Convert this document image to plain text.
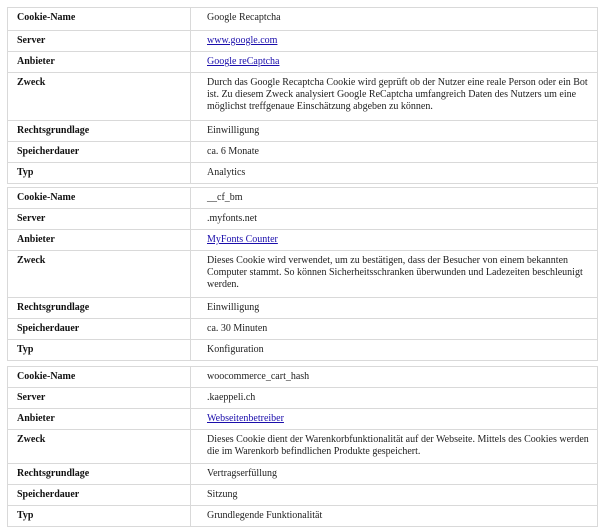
Cookie-Name	Google Recaptcha
Server	www.google.com
Anbieter	Google reCaptcha
Zweck	Durch das Google Recaptcha Cookie wird geprüft ob der Nutzer eine reale Person oder ein Bot ist. Zu diesem Zweck analysiert Google ReCaptcha umfangreich Daten des Nutzers um eine möglichst treffgenaue Einschätzung abgeben zu können.
Rechtsgrundlage	Einwilligung
Speicherdauer	ca. 6 Monate
Typ	Analytics
Cookie-Name	__cf_bm
Server	.myfonts.net
Anbieter	MyFonts Counter
Zweck	Dieses Cookie wird verwendet, um zu bestätigen, dass der Besucher von einem bekannten Computer stammt. So können Sicherheitsschranken überwunden und Ladezeiten beschleunigt werden.
Rechtsgrundlage	Einwilligung
Speicherdauer	ca. 30 Minuten
Typ	Konfiguration
Cookie-Name	woocommerce_cart_hash
Server	.kaeppeli.ch
Anbieter	Webseitenbetreiber
Zweck	Dieses Cookie dient der Warenkorbfunktionalität auf der Webseite. Mittels des Cookies werden die im Warenkorb befindlichen Produkte gespeichert.
Rechtsgrundlage	Vertragserfüllung
Speicherdauer	Sitzung
Typ	Grundlegende Funktionalität
